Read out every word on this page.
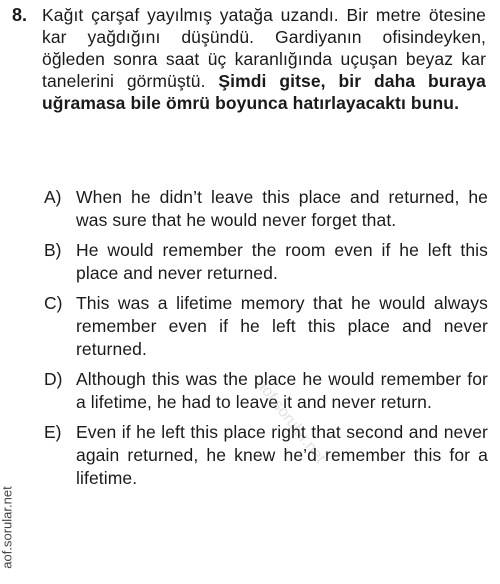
8. Kağıt çarşaf yayılmış yatağa uzandı. Bir metre ötesine kar yağdığını düşündü. Gardiyanın ofisindeyken, öğleden sonra saat üç karanlığında uçuşan beyaz kar tanelerini görmüştü. Şimdi gitse, bir daha buraya uğramasa bile ömrü boyunca hatırlayacaktı bunu.
A) When he didn’t leave this place and returned, he was sure that he would never forget that.
B) He would remember the room even if he left this place and never returned.
C) This was a lifetime memory that he would always remember even if he left this place and never returned.
D) Although this was the place he would remember for a lifetime, he had to leave it and never return.
E) Even if he left this place right that second and never again returned, he knew he’d remember this for a lifetime.
aof.sorular.net
aof.sorular.net
